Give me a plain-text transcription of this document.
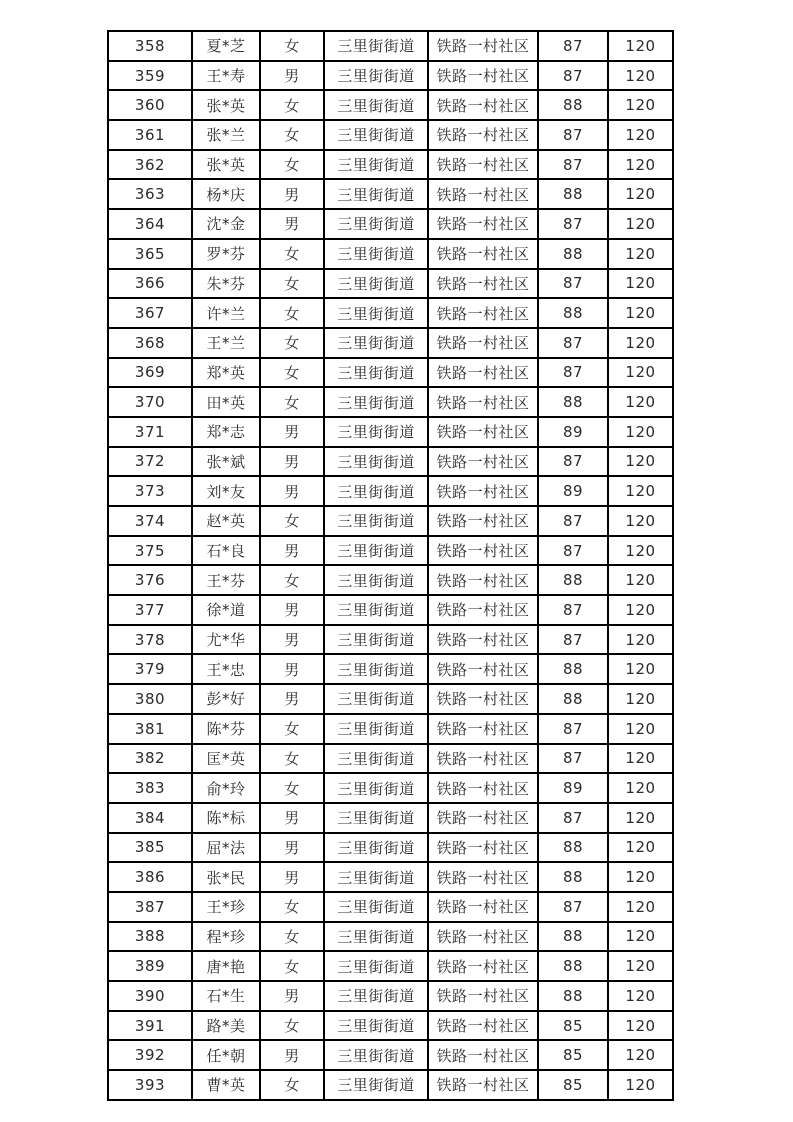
358	夏*芝	女	三里街街道	铁路一村社区	87	120
359	王*寿	男	三里街街道	铁路一村社区	87	120
360	张*英	女	三里街街道	铁路一村社区	88	120
361	张*兰	女	三里街街道	铁路一村社区	87	120
362	张*英	女	三里街街道	铁路一村社区	87	120
363	杨*庆	男	三里街街道	铁路一村社区	88	120
364	沈*金	男	三里街街道	铁路一村社区	87	120
365	罗*芬	女	三里街街道	铁路一村社区	88	120
366	朱*芬	女	三里街街道	铁路一村社区	87	120
367	许*兰	女	三里街街道	铁路一村社区	88	120
368	王*兰	女	三里街街道	铁路一村社区	87	120
369	郑*英	女	三里街街道	铁路一村社区	87	120
370	田*英	女	三里街街道	铁路一村社区	88	120
371	郑*志	男	三里街街道	铁路一村社区	89	120
372	张*斌	男	三里街街道	铁路一村社区	87	120
373	刘*友	男	三里街街道	铁路一村社区	89	120
374	赵*英	女	三里街街道	铁路一村社区	87	120
375	石*良	男	三里街街道	铁路一村社区	87	120
376	王*芬	女	三里街街道	铁路一村社区	88	120
377	徐*道	男	三里街街道	铁路一村社区	87	120
378	尤*华	男	三里街街道	铁路一村社区	87	120
379	王*忠	男	三里街街道	铁路一村社区	88	120
380	彭*好	男	三里街街道	铁路一村社区	88	120
381	陈*芬	女	三里街街道	铁路一村社区	87	120
382	匡*英	女	三里街街道	铁路一村社区	87	120
383	俞*玲	女	三里街街道	铁路一村社区	89	120
384	陈*标	男	三里街街道	铁路一村社区	87	120
385	屈*法	男	三里街街道	铁路一村社区	88	120
386	张*民	男	三里街街道	铁路一村社区	88	120
387	王*珍	女	三里街街道	铁路一村社区	87	120
388	程*珍	女	三里街街道	铁路一村社区	88	120
389	唐*艳	女	三里街街道	铁路一村社区	88	120
390	石*生	男	三里街街道	铁路一村社区	88	120
391	路*美	女	三里街街道	铁路一村社区	85	120
392	任*朝	男	三里街街道	铁路一村社区	85	120
393	曹*英	女	三里街街道	铁路一村社区	85	120
